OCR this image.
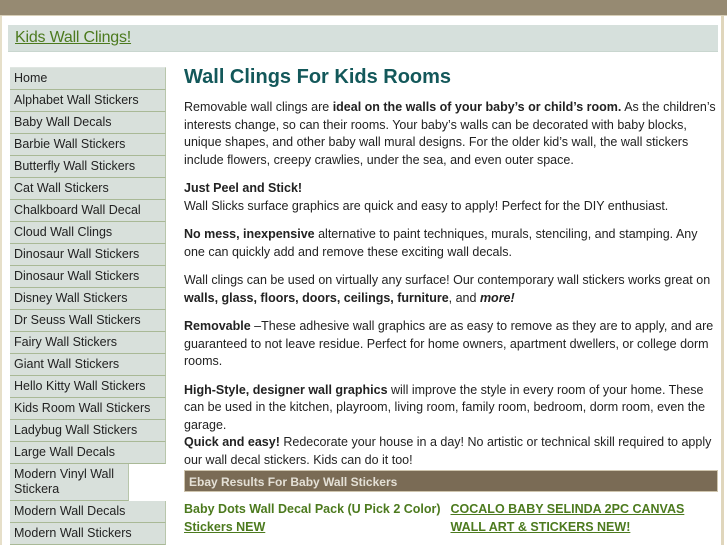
Kids Wall Clings!
Home
Alphabet Wall Stickers
Baby Wall Decals
Barbie Wall Stickers
Butterfly Wall Stickers
Cat Wall Stickers
Chalkboard Wall Decal
Cloud Wall Clings
Dinosaur Wall Stickers
Dinosaur Wall Stickers
Disney Wall Stickers
Dr Seuss Wall Stickers
Fairy Wall Stickers
Giant Wall Stickers
Hello Kitty Wall Stickers
Kids Room Wall Stickers
Ladybug Wall Stickers
Large Wall Decals
Modern Vinyl Wall Stickera
Modern Wall Decals
Modern Wall Stickers
Wall Clings For Kids Rooms

Removable wall clings are ideal on the walls of your baby’s or child’s room. As the children’s interests change, so can their rooms. Your baby’s walls can be decorated with baby blocks, unique shapes, and other baby wall mural designs. For the older kid’s wall, the wall stickers include flowers, creepy crawlies, under the sea, and even outer space.

Just Peel and Stick!
Wall Slicks surface graphics are quick and easy to apply! Perfect for the DIY enthusiast.

No mess, inexpensive alternative to paint techniques, murals, stenciling, and stamping. Any one can quickly add and remove these exciting wall decals.

Wall clings can be used on virtually any surface! Our contemporary wall stickers works great on walls, glass, floors, doors, ceilings, furniture, and more!

Removable –These adhesive wall graphics are as easy to remove as they are to apply, and are guaranteed to not leave residue. Perfect for home owners, apartment dwellers, or college dorm rooms.

High-Style, designer wall graphics will improve the style in every room of your home. These can be used in the kitchen, playroom, living room, family room, bedroom, dorm room, even the garage.

Quick and easy! Redecorate your house in a day! No artistic or technical skill required to apply our wall decal stickers. Kids can do it too!

Ebay Results For Baby Wall Stickers
Baby Dots Wall Decal Pack (U Pick 2 Color)
Stickers NEW
COCALO BABY SELINDA 2PC CANVAS WALL ART & STICKERS NEW!
